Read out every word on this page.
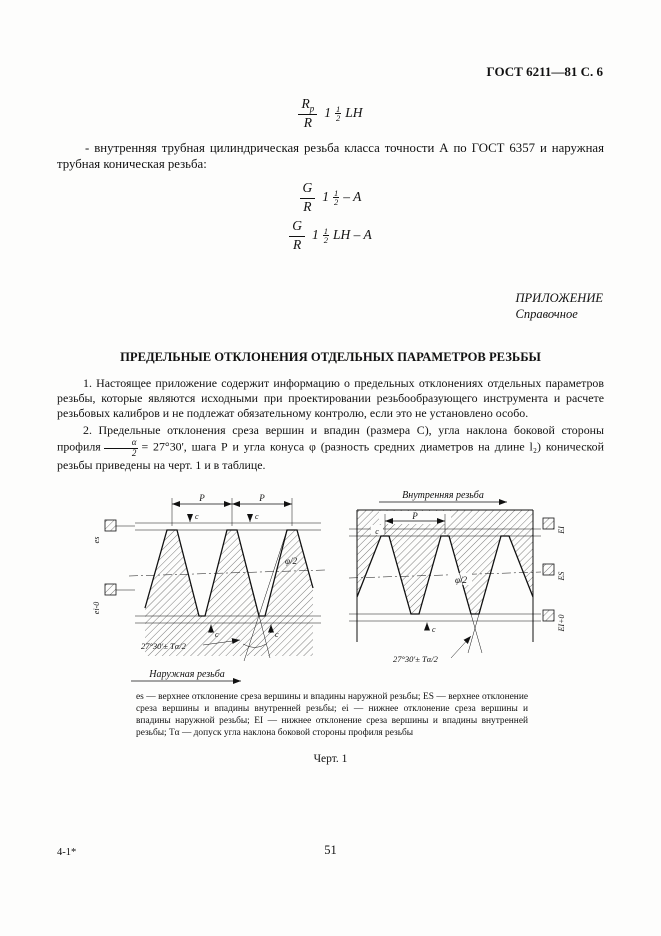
ГОСТ 6211—81 С. 6
$\frac{R_р}{R} 1$ 1
2 LH

- внутренняя трубная цилиндрическая резьба класса точности А по ГОСТ 6357 и наружная трубная коническая резьба:

$\frac{G}{R} 1$ 1
2 – A
$\frac{G}{R} 1$ 1
2 LH – A
ПРИЛОЖЕНИЕ
Справочное
ПРЕДЕЛЬНЫЕ ОТКЛОНЕНИЯ ОТДЕЛЬНЫХ ПАРАМЕТРОВ РЕЗЬБЫ

1. Настоящее приложение содержит информацию о предельных отклонениях отдельных параметров резьбы, которые являются исходными при проектировании резьбообразующего инструмента и расчете резьбовых калибров и не подлежат обязательному контролю, если это не установлено особо.

2. Предельные отклонения среза вершин и впадин (размера С), угла наклона боковой стороны профиля $\frac{\alpha}{2} = 27^\circ 30'$, шага Р и угла конуса φ (разность средних диаметров на длине l₂) конической резьбы приведены на черт. 1 и в таблице.

P	P
c	c
c	c
27°30′± Tα/2
φ/2
es
ei-0
Наружная резьба
Внутренняя резьба
P
c
c
φ/2
27°30′± Tα/2
EI
ES
EI+0

es — верхнее отклонение среза вершины и впадины наружной резьбы; ES — верхнее отклонение среза вершины и впадины внутренней резьбы; ei — нижнее отклонение среза вершины и впадины наружной резьбы; EI — нижнее отклонение среза вершины и впадины внутренней резьбы; Tα — допуск угла наклона боковой стороны профиля резьбы

Черт. 1
4-1*	51
